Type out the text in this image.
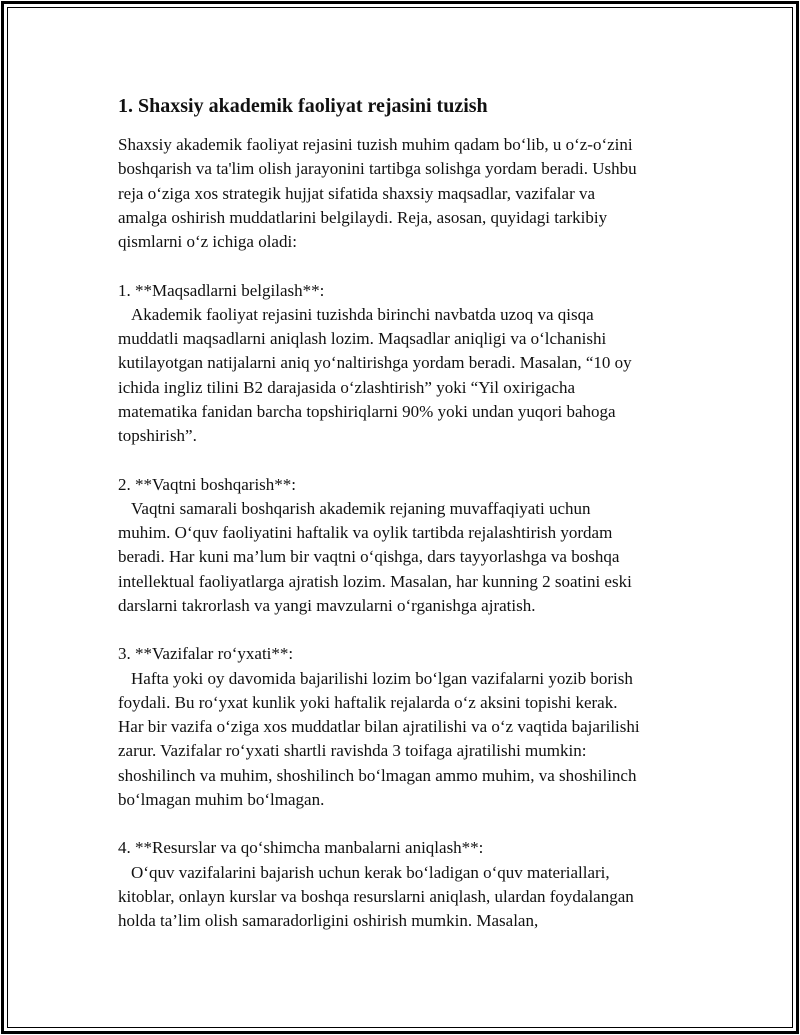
1. Shaxsiy akademik faoliyat rejasini tuzish
Shaxsiy akademik faoliyat rejasini tuzish muhim qadam bo‘lib, u o‘z-o‘zini
boshqarish va ta'lim olish jarayonini tartibga solishga yordam beradi. Ushbu
reja o‘ziga xos strategik hujjat sifatida shaxsiy maqsadlar, vazifalar va
amalga oshirish muddatlarini belgilaydi. Reja, asosan, quyidagi tarkibiy
qismlarni o‘z ichiga oladi:
1. **Maqsadlarni belgilash**:
Akademik faoliyat rejasini tuzishda birinchi navbatda uzoq va qisqa
muddatli maqsadlarni aniqlash lozim. Maqsadlar aniqligi va o‘lchanishi
kutilayotgan natijalarni aniq yo‘naltirishga yordam beradi. Masalan, “10 oy
ichida ingliz tilini B2 darajasida o‘zlashtirish” yoki “Yil oxirigacha
matematika fanidan barcha topshiriqlarni 90% yoki undan yuqori bahoga
topshirish”.
2. **Vaqtni boshqarish**:
Vaqtni samarali boshqarish akademik rejaning muvaffaqiyati uchun
muhim. O‘quv faoliyatini haftalik va oylik tartibda rejalashtirish yordam
beradi. Har kuni ma’lum bir vaqtni o‘qishga, dars tayyorlashga va boshqa
intellektual faoliyatlarga ajratish lozim. Masalan, har kunning 2 soatini eski
darslarni takrorlash va yangi mavzularni o‘rganishga ajratish.
3. **Vazifalar ro‘yxati**:
Hafta yoki oy davomida bajarilishi lozim bo‘lgan vazifalarni yozib borish
foydali. Bu ro‘yxat kunlik yoki haftalik rejalarda o‘z aksini topishi kerak.
Har bir vazifa o‘ziga xos muddatlar bilan ajratilishi va o‘z vaqtida bajarilishi
zarur. Vazifalar ro‘yxati shartli ravishda 3 toifaga ajratilishi mumkin:
shoshilinch va muhim, shoshilinch bo‘lmagan ammo muhim, va shoshilinch
bo‘lmagan muhim bo‘lmagan.
4. **Resurslar va qo‘shimcha manbalarni aniqlash**:
O‘quv vazifalarini bajarish uchun kerak bo‘ladigan o‘quv materiallari,
kitoblar, onlayn kurslar va boshqa resurslarni aniqlash, ulardan foydalangan
holda ta’lim olish samaradorligini oshirish mumkin. Masalan,
